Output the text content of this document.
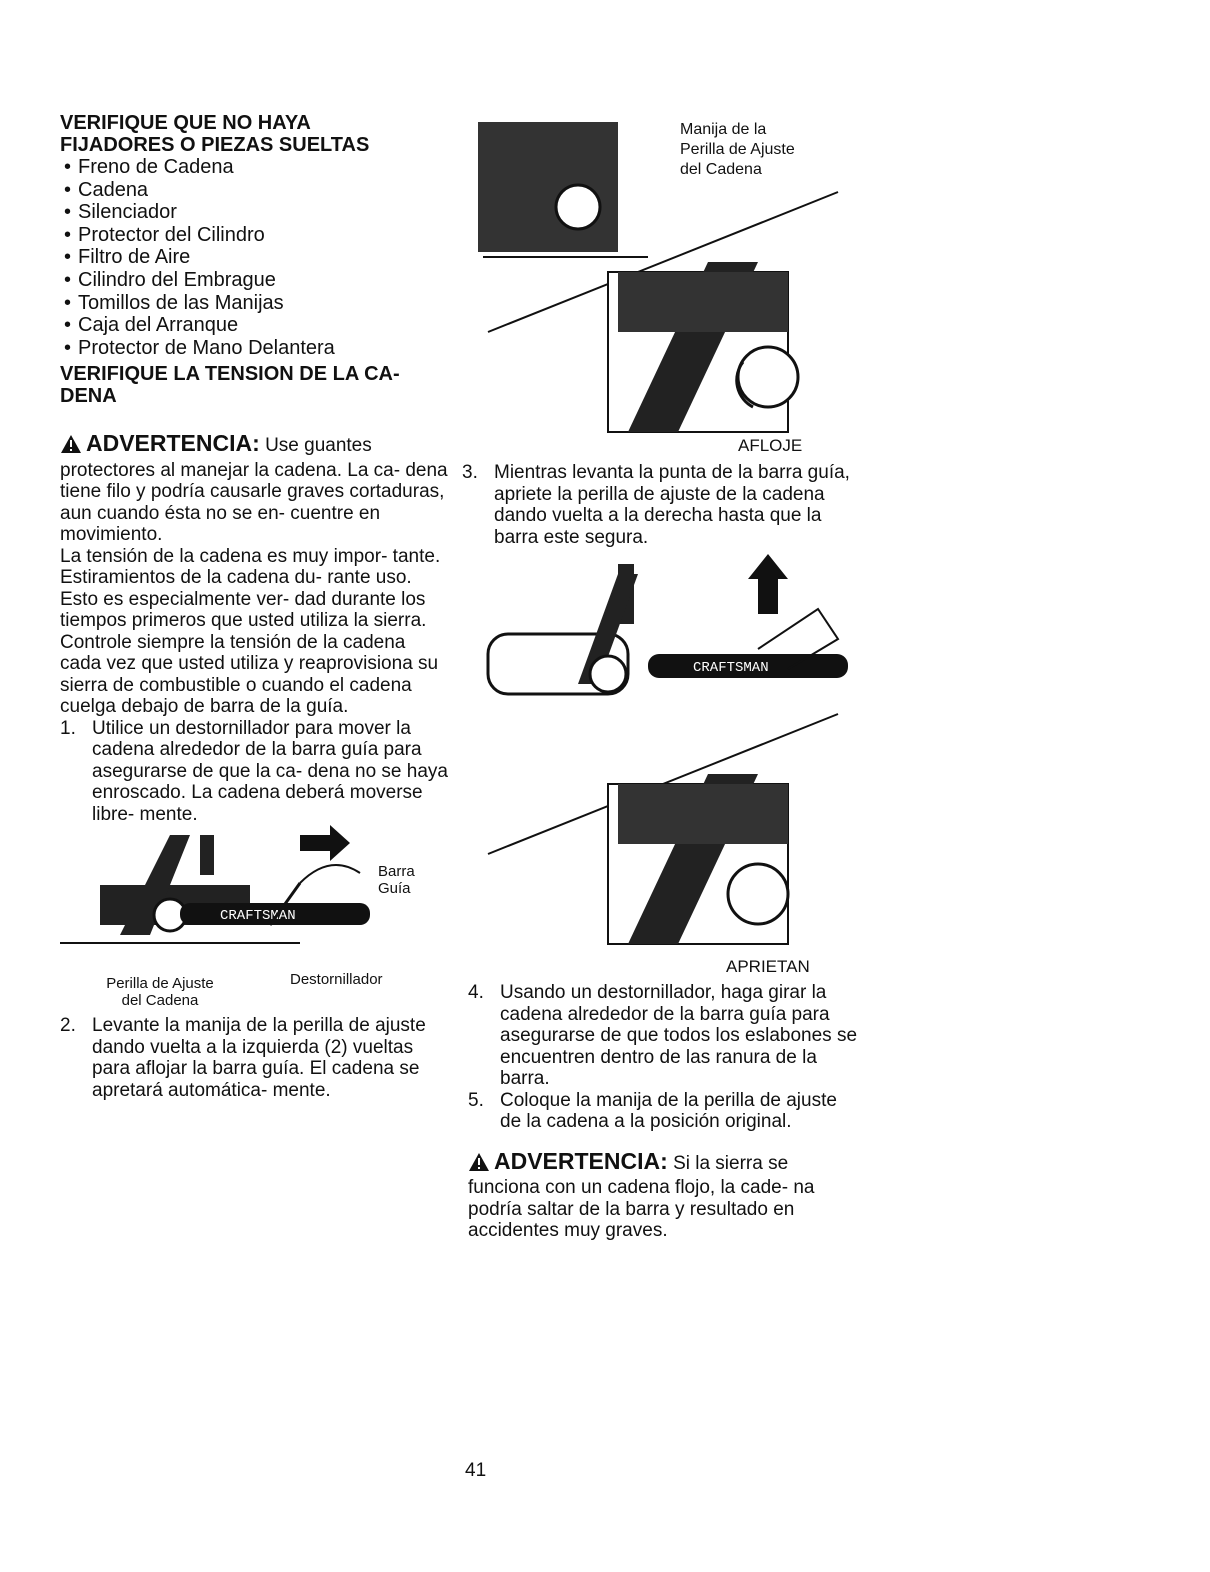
VERIFIQUE QUE NO HAYA FIJADORES O PIEZAS SUELTAS

• Freno de Cadena
• Cadena
• Silenciador
• Protector del Cilindro
• Filtro de Aire
• Cilindro del Embrague
• Tomillos de las Manijas
• Caja del Arranque
• Protector de Mano Delantera

VERIFIQUE LA TENSION DE LA CA- DENA

ADVERTENCIA: Use guantes protectores al manejar la cadena. La ca- dena tiene filo y podría causarle graves cortaduras, aun cuando ésta no se en- cuentre en movimiento.

La tensión de la cadena es muy impor- tante. Estiramientos de la cadena du- rante uso. Esto es especialmente ver- dad durante los tiempos primeros que usted utiliza la sierra. Controle siempre la tensión de la cadena cada vez que usted utiliza y reaprovisiona su sierra de combustible o cuando el cadena cuelga debajo de barra de la guía.

1. Utilice un destornillador para mover la cadena alrededor de la barra guía para asegurarse de que la ca- dena no se haya enroscado. La cadena deberá moverse libre- mente.

CRAFTSMAN
Barra Guía
Perilla de Ajuste del Cadena
Destornillador

2. Levante la manija de la perilla de ajuste dando vuelta a la izquierda (2) vueltas para aflojar la barra guía. El cadena se apretará automática- mente.

Manija de la Perilla de Ajuste del Cadena
AFLOJE

3. Mientras levanta la punta de la barra guía, apriete la perilla de ajuste de la cadena dando vuelta a la derecha hasta que la barra este segura.

CRAFTSMAN
APRIETAN

4. Usando un destornillador, haga girar la cadena alrededor de la barra guía para asegurarse de que todos los eslabones se encuentren dentro de las ranura de la barra.

5. Coloque la manija de la perilla de ajuste de la cadena a la posición original.

ADVERTENCIA: Si la sierra se funciona con un cadena flojo, la cade- na podría saltar de la barra y resultado en accidentes muy graves.

41
